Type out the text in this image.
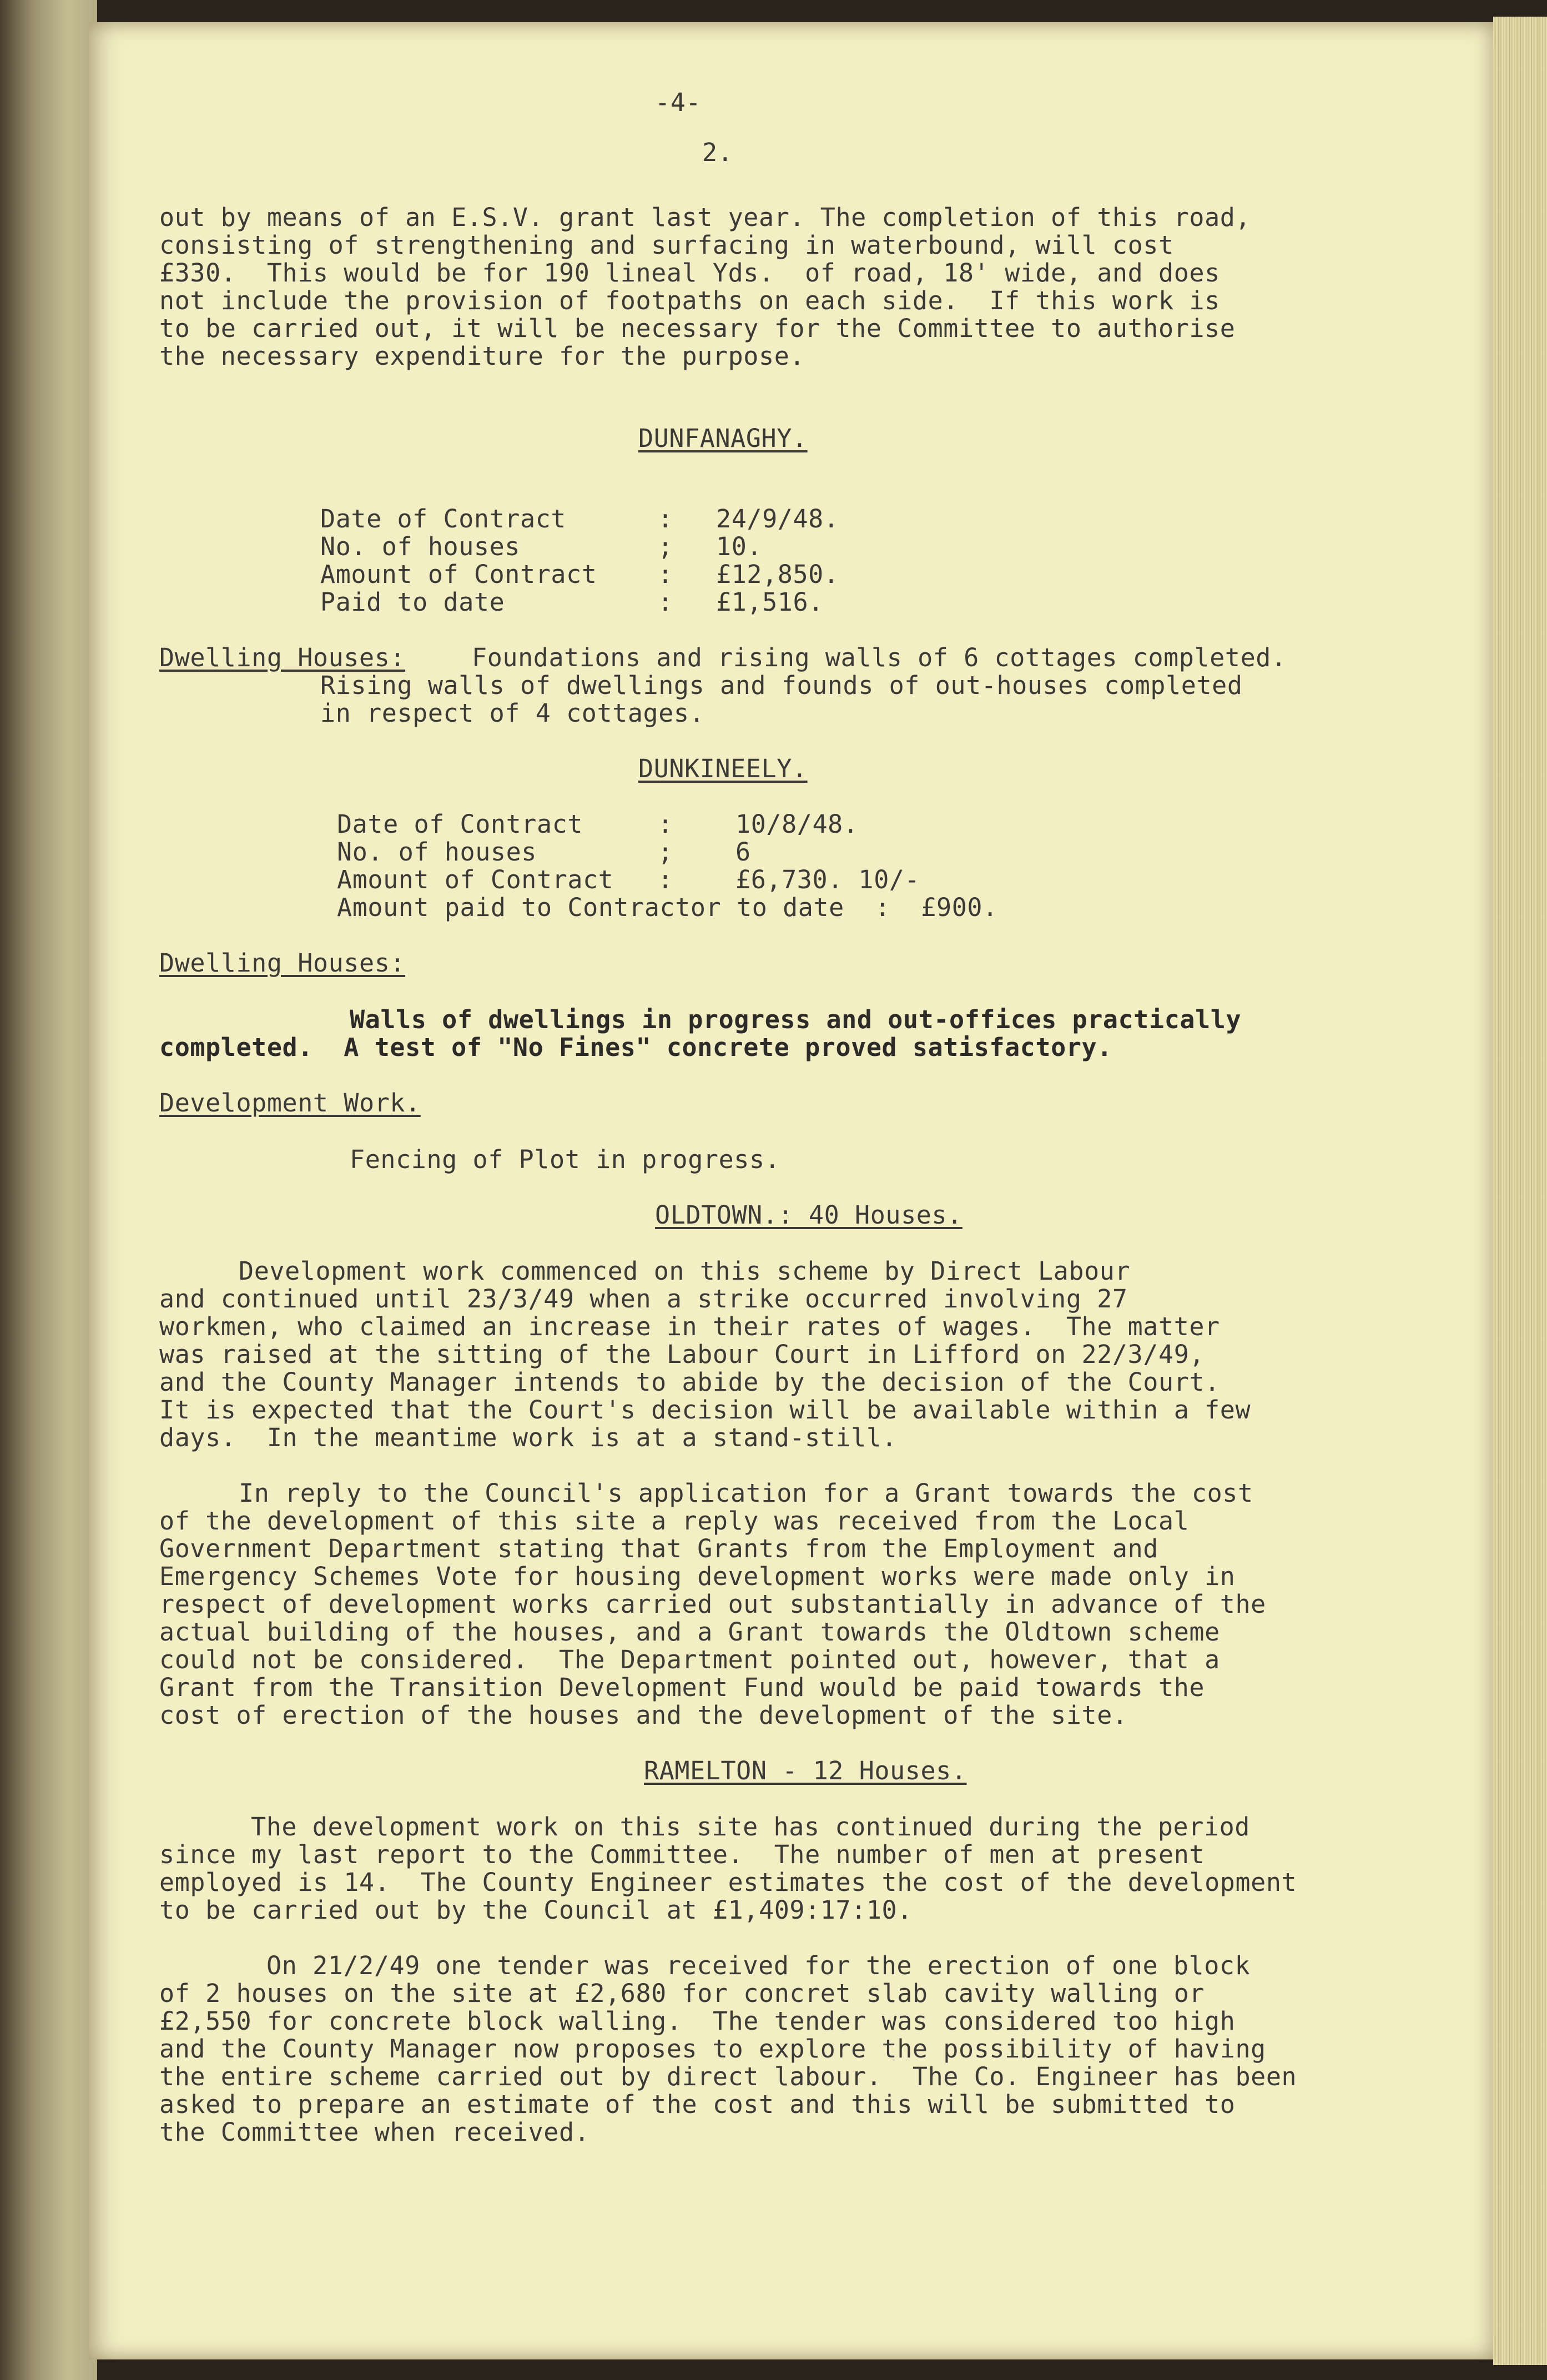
-4-
2.
out by means of an E.S.V. grant last year. The completion of this road,
consisting of strengthening and surfacing in waterbound, will cost
£330.  This would be for 190 lineal Yds.  of road, 18' wide, and does
not include the provision of footpaths on each side.  If this work is
to be carried out, it will be necessary for the Committee to authorise
the necessary expenditure for the purpose.
DUNFANAGHY.
Date of Contract	: 24/9/48.
No. of houses	; 10.
Amount of Contract : £12,850.
Paid to date	: £1,516.
Dwelling Houses:	Foundations and rising walls of 6 cottages completed.
Rising walls of dwellings and founds of out-houses completed
in respect of 4 cottages.
DUNKINEELY.
Date of Contract	: 10/8/48.
No. of houses	; 6
Amount of Contract : £6,730. 10/-
Amount paid to Contractor to date  :  £900.
Dwelling Houses:
Walls of dwellings in progress and out-offices practically
completed.  A test of "No Fines" concrete proved satisfactory.
Development Work.
Fencing of Plot in progress.
OLDTOWN.: 40 Houses.
Development work commenced on this scheme by Direct Labour
and continued until 23/3/49 when a strike occurred involving 27
workmen, who claimed an increase in their rates of wages.  The matter
was raised at the sitting of the Labour Court in Lifford on 22/3/49,
and the County Manager intends to abide by the decision of the Court.
It is expected that the Court's decision will be available within a few
days.  In the meantime work is at a stand-still.
In reply to the Council's application for a Grant towards the cost
of the development of this site a reply was received from the Local
Government Department stating that Grants from the Employment and
Emergency Schemes Vote for housing development works were made only in
respect of development works carried out substantially in advance of the
actual building of the houses, and a Grant towards the Oldtown scheme
could not be considered.  The Department pointed out, however, that a
Grant from the Transition Development Fund would be paid towards the
cost of erection of the houses and the development of the site.
RAMELTON - 12 Houses.
The development work on this site has continued during the period
since my last report to the Committee.  The number of men at present
employed is 14.  The County Engineer estimates the cost of the development
to be carried out by the Council at £1,409:17:10.
On 21/2/49 one tender was received for the erection of one block
of 2 houses on the site at £2,680 for concret slab cavity walling or
£2,550 for concrete block walling.  The tender was considered too high
and the County Manager now proposes to explore the possibility of having
the entire scheme carried out by direct labour.  The Co. Engineer has been
asked to prepare an estimate of the cost and this will be submitted to
the Committee when received.
